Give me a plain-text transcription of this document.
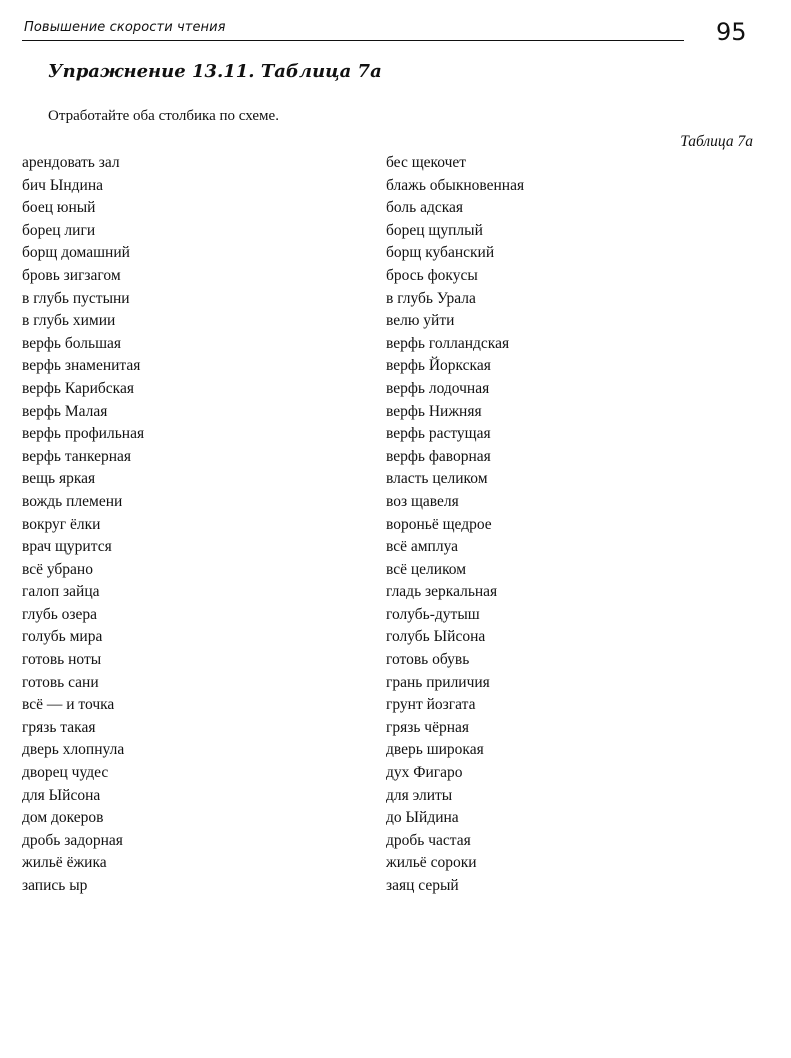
Повышение скорости чтения	95
Упражнение 13.11. Таблица 7а
Отработайте оба столбика по схеме.
Таблица 7а
арендовать зал
бич Ындина
боец юный
борец лиги
борщ домашний
бровь зигзагом
в глубь пустыни
в глубь химии
верфь большая
верфь знаменитая
верфь Карибская
верфь Малая
верфь профильная
верфь танкерная
вещь яркая
вождь племени
вокруг ёлки
врач щурится
всё убрано
галоп зайца
глубь озера
голубь мира
готовь ноты
готовь сани
всё — и точка
грязь такая
дверь хлопнула
дворец чудес
для Ыйсона
дом докеров
дробь задорная
жильё ёжика
запись ыр
бес щекочет
блажь обыкновенная
боль адская
борец щуплый
борщ кубанский
брось фокусы
в глубь Урала
велю уйти
верфь голландская
верфь Йоркская
верфь лодочная
верфь Нижняя
верфь растущая
верфь фаворная
власть целиком
воз щавеля
вороньё щедрое
всё амплуа
всё целиком
гладь зеркальная
голубь-дутыш
голубь Ыйсона
готовь обувь
грань приличия
грунт йозгата
грязь чёрная
дверь широкая
дух Фигаро
для элиты
до Ыйдина
дробь частая
жильё сороки
заяц серый
